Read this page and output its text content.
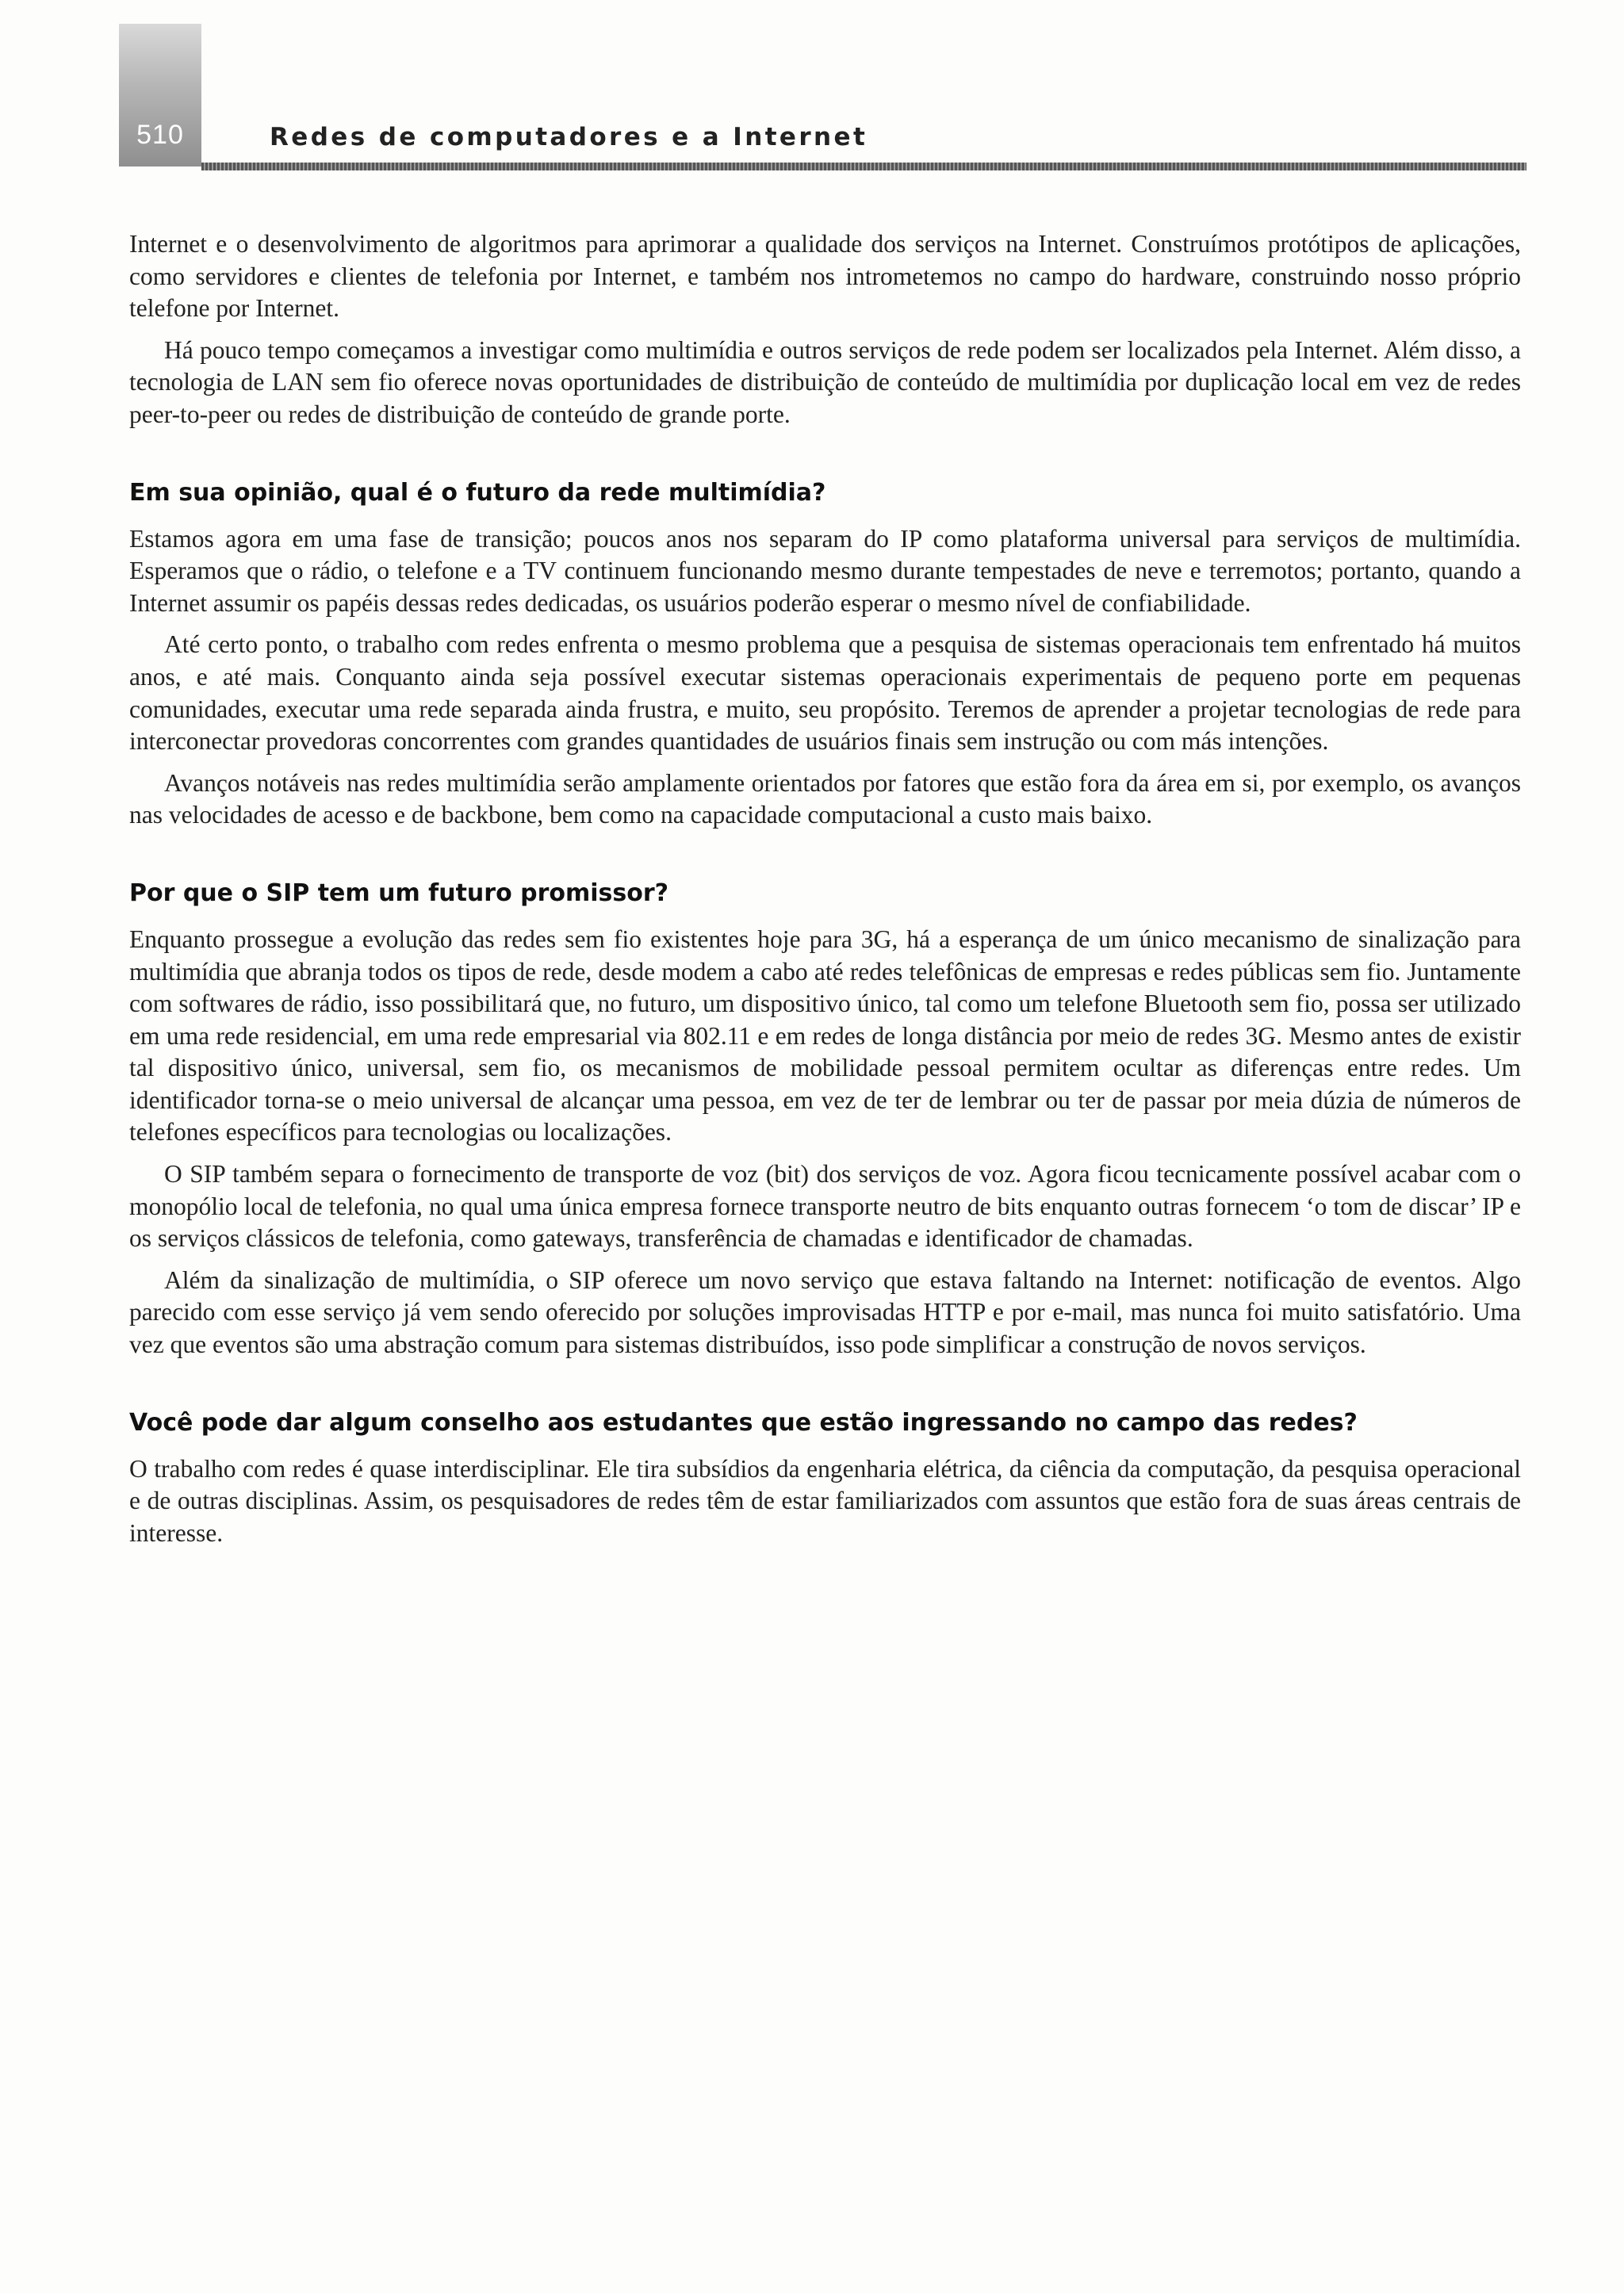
510	Redes de computadores e a Internet

Internet e o desenvolvimento de algoritmos para aprimorar a qualidade dos serviços na Internet. Construímos protótipos de aplicações, como servidores e clientes de telefonia por Internet, e também nos intrometemos no campo do hardware, construindo nosso próprio telefone por Internet.

Há pouco tempo começamos a investigar como multimídia e outros serviços de rede podem ser localizados pela Internet. Além disso, a tecnologia de LAN sem fio oferece novas oportunidades de distribuição de conteúdo de multimídia por duplicação local em vez de redes peer-to-peer ou redes de distribuição de conteúdo de grande porte.

Em sua opinião, qual é o futuro da rede multimídia?

Estamos agora em uma fase de transição; poucos anos nos separam do IP como plataforma universal para serviços de multimídia. Esperamos que o rádio, o telefone e a TV continuem funcionando mesmo durante tempestades de neve e terremotos; portanto, quando a Internet assumir os papéis dessas redes dedicadas, os usuários poderão esperar o mesmo nível de confiabilidade.

Até certo ponto, o trabalho com redes enfrenta o mesmo problema que a pesquisa de sistemas operacionais tem enfrentado há muitos anos, e até mais. Conquanto ainda seja possível executar sistemas operacionais experimentais de pequeno porte em pequenas comunidades, executar uma rede separada ainda frustra, e muito, seu propósito. Teremos de aprender a projetar tecnologias de rede para interconectar provedoras concorrentes com grandes quantidades de usuários finais sem instrução ou com más intenções.

Avanços notáveis nas redes multimídia serão amplamente orientados por fatores que estão fora da área em si, por exemplo, os avanços nas velocidades de acesso e de backbone, bem como na capacidade computacional a custo mais baixo.

Por que o SIP tem um futuro promissor?

Enquanto prossegue a evolução das redes sem fio existentes hoje para 3G, há a esperança de um único mecanismo de sinalização para multimídia que abranja todos os tipos de rede, desde modem a cabo até redes telefônicas de empresas e redes públicas sem fio. Juntamente com softwares de rádio, isso possibilitará que, no futuro, um dispositivo único, tal como um telefone Bluetooth sem fio, possa ser utilizado em uma rede residencial, em uma rede empresarial via 802.11 e em redes de longa distância por meio de redes 3G. Mesmo antes de existir tal dispositivo único, universal, sem fio, os mecanismos de mobilidade pessoal permitem ocultar as diferenças entre redes. Um identificador torna-se o meio universal de alcançar uma pessoa, em vez de ter de lembrar ou ter de passar por meia dúzia de números de telefones específicos para tecnologias ou localizações.

O SIP também separa o fornecimento de transporte de voz (bit) dos serviços de voz. Agora ficou tecnicamente possível acabar com o monopólio local de telefonia, no qual uma única empresa fornece transporte neutro de bits enquanto outras fornecem ‘o tom de discar’ IP e os serviços clássicos de telefonia, como gateways, transferência de chamadas e identificador de chamadas.

Além da sinalização de multimídia, o SIP oferece um novo serviço que estava faltando na Internet: notificação de eventos. Algo parecido com esse serviço já vem sendo oferecido por soluções improvisadas HTTP e por e-mail, mas nunca foi muito satisfatório. Uma vez que eventos são uma abstração comum para sistemas distribuídos, isso pode simplificar a construção de novos serviços.

Você pode dar algum conselho aos estudantes que estão ingressando no campo das redes?

O trabalho com redes é quase interdisciplinar. Ele tira subsídios da engenharia elétrica, da ciência da computação, da pesquisa operacional e de outras disciplinas. Assim, os pesquisadores de redes têm de estar familiarizados com assuntos que estão fora de suas áreas centrais de interesse.
